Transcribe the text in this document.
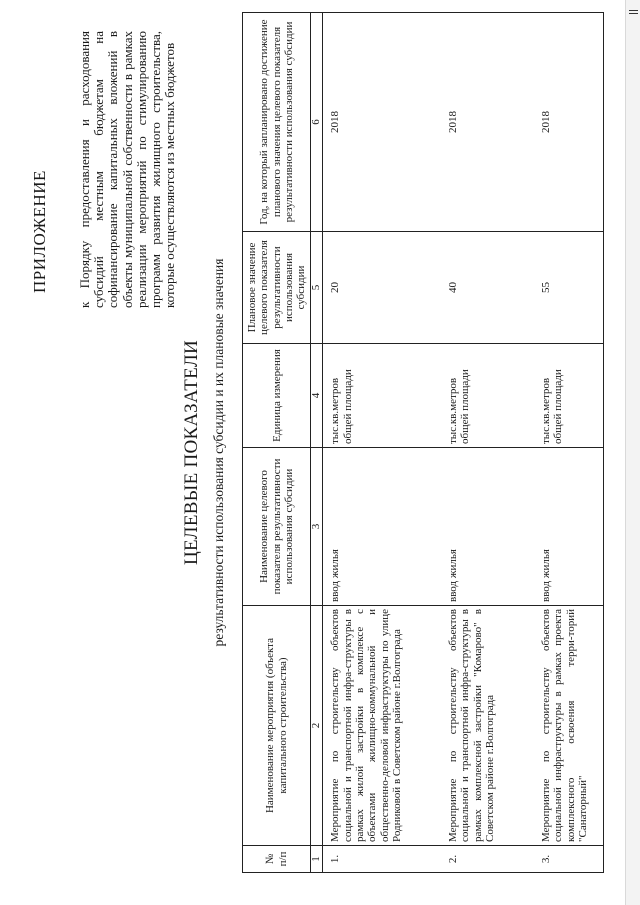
ПРИЛОЖЕНИЕ к Порядку предоставления и расходования субсидий местным бюджетам на софинансирование капитальных вложений в объекты муниципальной собственности в рамках реализации мероприятий по стимулированию программ развития жилищного строительства, которые осуществляются из местных бюджетов
ЦЕЛЕВЫЕ ПОКАЗАТЕЛИ результативности использования субсидии и их плановые значения
№ п/п	Наименование мероприятия (объекта капитального строительства)	Наименование целевого показателя результативности использования субсидии	Единица измерения	Плановое значение целевого показателя результативности использования субсидии	Год, на который запланировано достижение планового значения целевого показателя результативности использования субсидии
1	2	3	4	5	6
1.	Мероприятие по строительству объектов социальной и транспортной инфра-структуры в рамках жилой застройки в комплексе с объектами жилищно-коммунальной и общественно-деловой инфраструктуры по улице Родниковой в Советском районе г.Волгограда	ввод жилья	тыс.кв.метров общей площади	20	2018
2.	Мероприятие по строительству объектов социальной и транспортной инфра-структуры в рамках комплексной застройки "Комарово" в Советском районе г.Волгограда	ввод жилья	тыс.кв.метров общей площади	40	2018
3.	Мероприятие по строительству объектов социальной инфраструктуры в рамках проекта комплексного освоения терри-торий "Санаторный"	ввод жилья	тыс.кв.метров общей площади	55	2018
